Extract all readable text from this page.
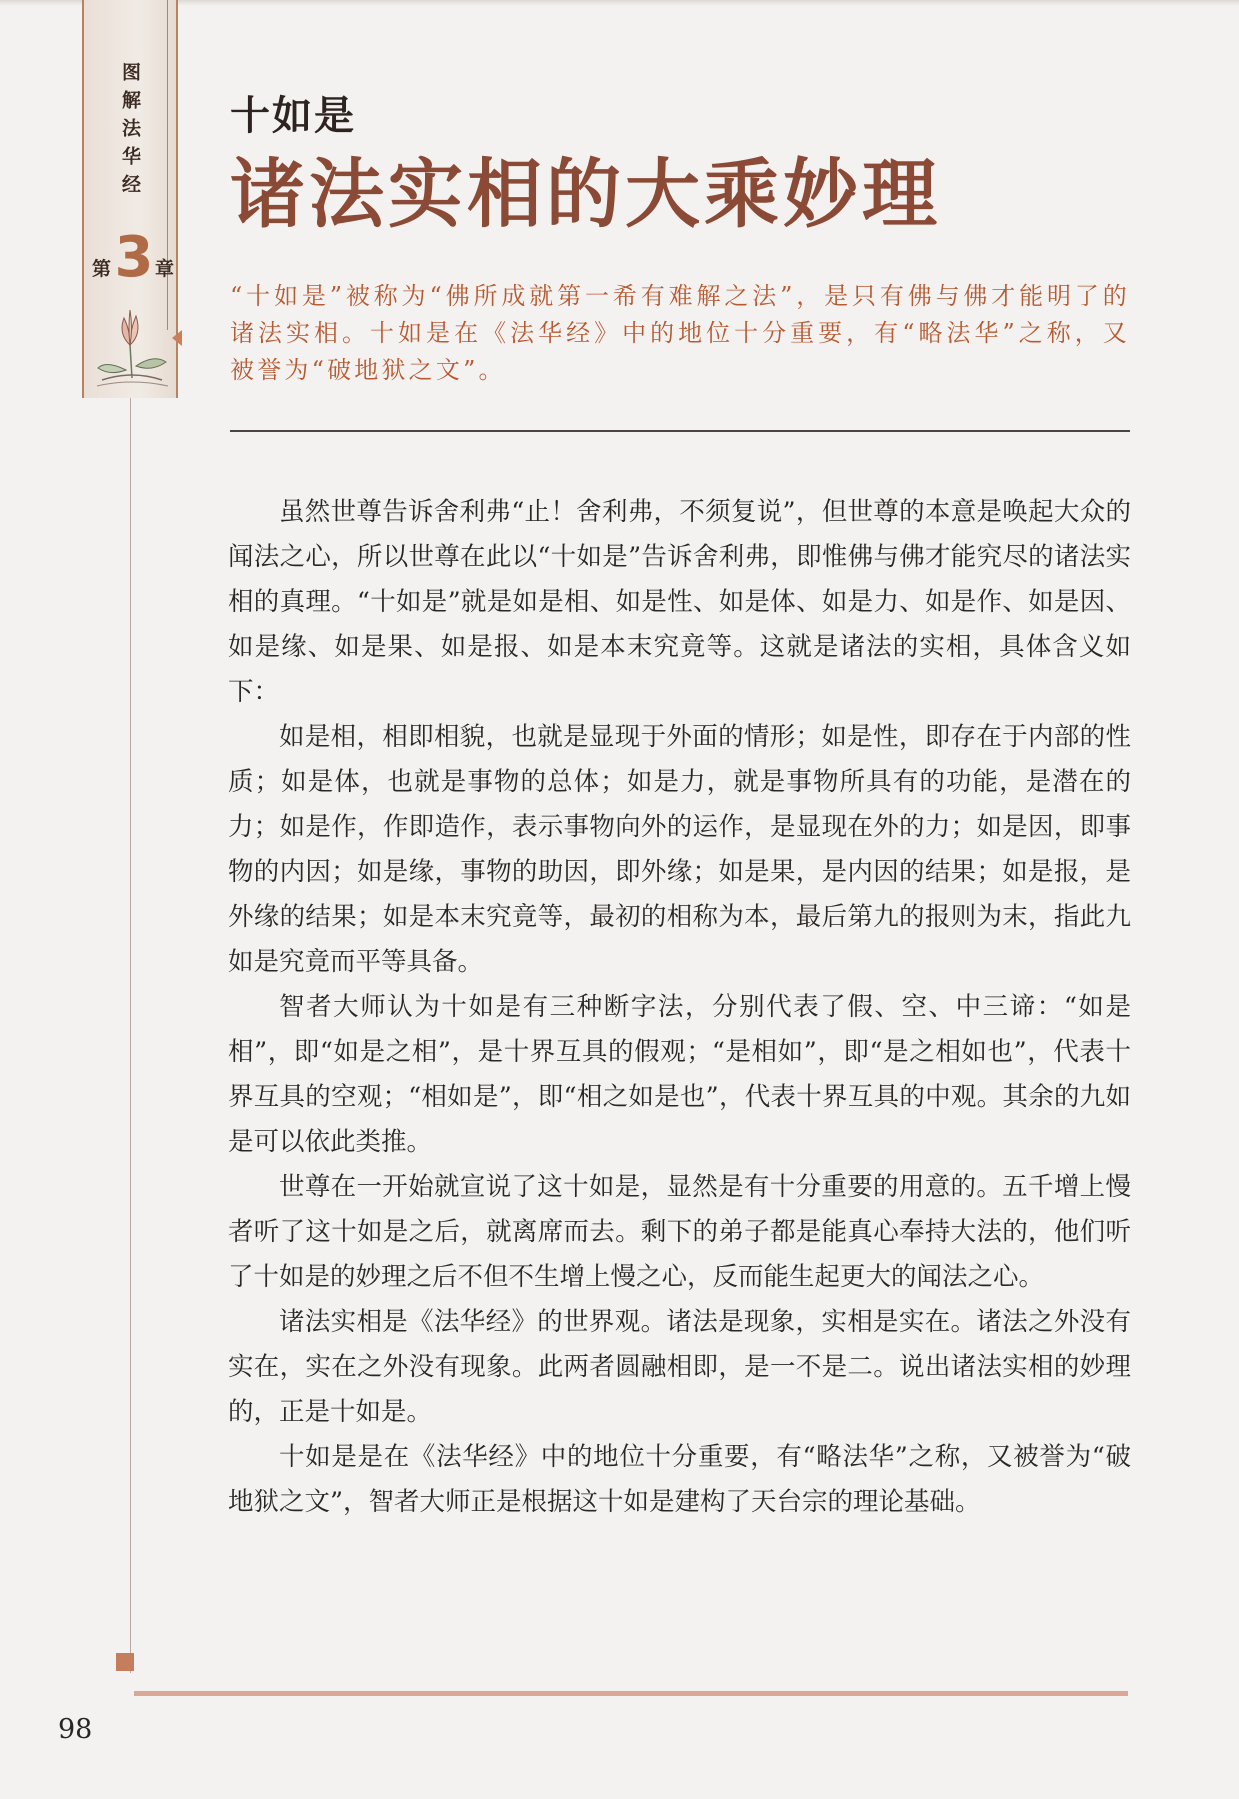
图解法华经
第 3 章
十如是
诸法实相的大乘妙理
“十如是”被称为“佛所成就第一希有难解之法”，是只有佛与佛才能明了的诸法实相。十如是在《法华经》中的地位十分重要，有“略法华”之称，又被誉为“破地狱之文”。

虽然世尊告诉舍利弗“止！舍利弗，不须复说”，但世尊的本意是唤起大众的闻法之心，所以世尊在此以“十如是”告诉舍利弗，即惟佛与佛才能究尽的诸法实相的真理。“十如是”就是如是相、如是性、如是体、如是力、如是作、如是因、如是缘、如是果、如是报、如是本末究竟等。这就是诸法的实相，具体含义如下：

如是相，相即相貌，也就是显现于外面的情形；如是性，即存在于内部的性质；如是体，也就是事物的总体；如是力，就是事物所具有的功能，是潜在的力；如是作，作即造作，表示事物向外的运作，是显现在外的力；如是因，即事物的内因；如是缘，事物的助因，即外缘；如是果，是内因的结果；如是报，是外缘的结果；如是本末究竟等，最初的相称为本，最后第九的报则为末，指此九如是究竟而平等具备。

智者大师认为十如是有三种断字法，分别代表了假、空、中三谛：“如是相”，即“如是之相”，是十界互具的假观；“是相如”，即“是之相如也”，代表十界互具的空观；“相如是”，即“相之如是也”，代表十界互具的中观。其余的九如是可以依此类推。

世尊在一开始就宣说了这十如是，显然是有十分重要的用意的。五千增上慢者听了这十如是之后，就离席而去。剩下的弟子都是能真心奉持大法的，他们听了十如是的妙理之后不但不生增上慢之心，反而能生起更大的闻法之心。

诸法实相是《法华经》的世界观。诸法是现象，实相是实在。诸法之外没有实在，实在之外没有现象。此两者圆融相即，是一不是二。说出诸法实相的妙理的，正是十如是。

十如是是在《法华经》中的地位十分重要，有“略法华”之称，又被誉为“破地狱之文”，智者大师正是根据这十如是建构了天台宗的理论基础。

98
